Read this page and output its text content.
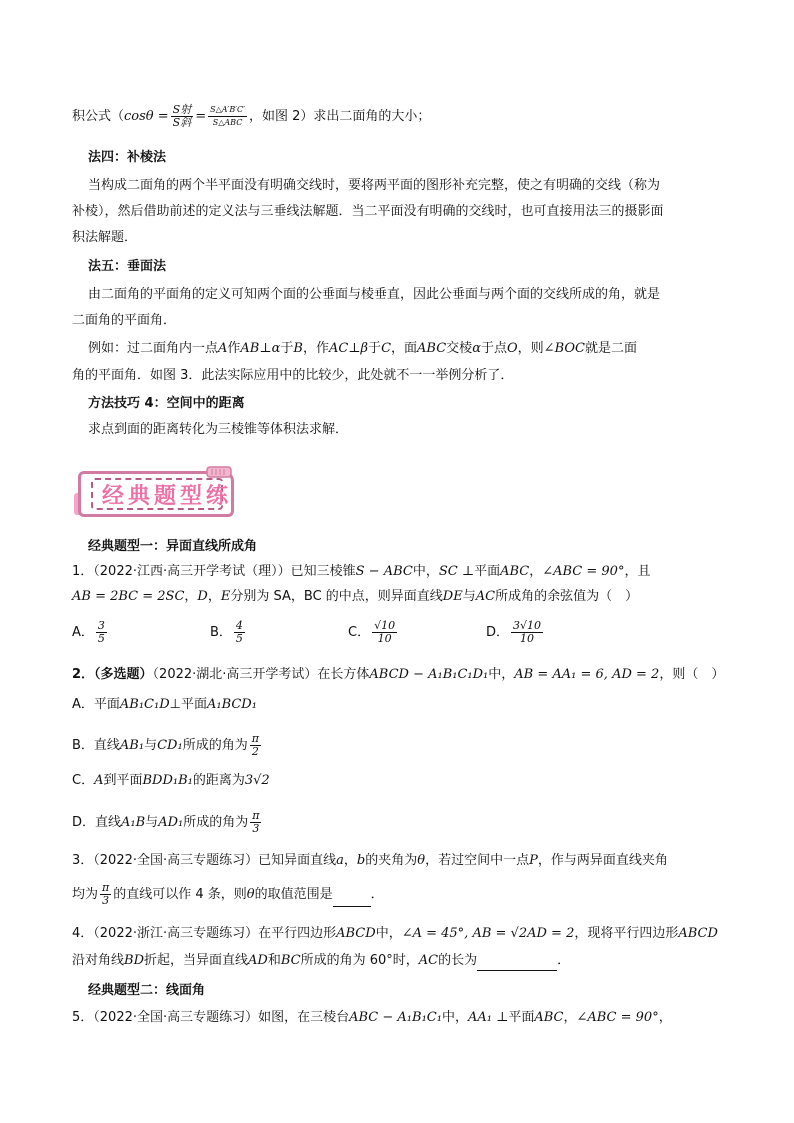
积公式（$\cos\theta = \frac{\text{S射}}{\text{S斜}} = \frac{S\triangle A'B'C'}{\text{S△ABC}}$ ，如图 2）求出二面角的大小；
法四：补棱法
当构成二面角的两个半平面没有明确交线时，要将两平面的图形补充完整，使之有明确的交线（称为
补棱），然后借助前述的定义法与三垂线法解题．当二平面没有明确的交线时，也可直接用法三的摄影面
积法解题．
法五：垂面法
由二面角的平面角的定义可知两个面的公垂面与棱垂直，因此公垂面与两个面的交线所成的角，就是
二面角的平面角．
例如：过二面角内一点A作AB⊥α于B，作AC⊥β于C，面ABC交棱α于点O，则∠BOC就是二面
角的平面角．如图 3．此法实际应用中的比较少，此处就不一一举例分析了．
方法技巧 4：空间中的距离
求点到面的距离转化为三棱锥等体积法求解．
经典题型练
经典题型一：异面直线所成角
1．（2022·江西·高三开学考试（理））已知三棱锥S − ABC中，SC ⊥平面ABC，∠ABC = 90°，且
AB = 2BC = 2SC，D，E分别为 SA，BC 的中点，则异面直线DE与AC所成角的余弦值为（　）
A． $\frac{3}{5}$	B． $\frac{4}{5}$	C． $\frac{√10}{10}$	D． $\frac{3√10}{10}$
2．（多选题）（2022·湖北·高三开学考试）在长方体ABCD − A₁B₁C₁D₁中，AB = AA₁ = 6, AD = 2，则（　）
A．平面AB₁C₁D⊥平面A₁BCD₁
B．直线AB₁与CD₁所成的角为 $\frac{\pi}{2}$
C．A到平面BDD₁B₁的距离为3√2
D．直线A₁B与AD₁所成的角为 $\frac{\pi}{3}$
3．（2022·全国·高三专题练习）已知异面直线a，b的夹角为θ，若过空间中一点P，作与两异面直线夹角
均为 $\frac{\pi}{3}$ 的直线可以作 4 条，则θ的取值范围是	．
4．（2022·浙江·高三专题练习）在平行四边形ABCD中，∠A = 45°, AB = √2AD = 2，现将平行四边形ABCD
沿对角线BD折起，当异面直线AD和BC所成的角为 60°时，AC的长为	．
经典题型二：线面角
5．（2022·全国·高三专题练习）如图，在三棱台ABC − A₁B₁C₁中，AA₁ ⊥平面ABC，∠ABC = 90°，
